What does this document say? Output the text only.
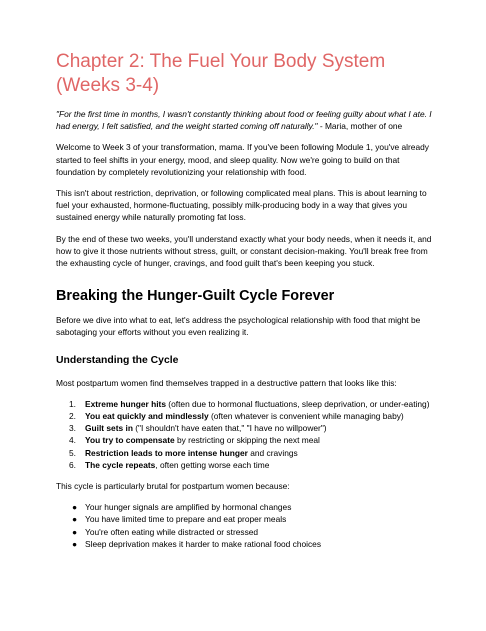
Chapter 2: The Fuel Your Body System (Weeks 3-4)

"For the first time in months, I wasn't constantly thinking about food or feeling guilty about what I ate. I had energy, I felt satisfied, and the weight started coming off naturally." - Maria, mother of one

Welcome to Week 3 of your transformation, mama. If you've been following Module 1, you've already started to feel shifts in your energy, mood, and sleep quality. Now we're going to build on that foundation by completely revolutionizing your relationship with food.

This isn't about restriction, deprivation, or following complicated meal plans. This is about learning to fuel your exhausted, hormone-fluctuating, possibly milk-producing body in a way that gives you sustained energy while naturally promoting fat loss.

By the end of these two weeks, you'll understand exactly what your body needs, when it needs it, and how to give it those nutrients without stress, guilt, or constant decision-making. You'll break free from the exhausting cycle of hunger, cravings, and food guilt that's been keeping you stuck.

Breaking the Hunger-Guilt Cycle Forever

Before we dive into what to eat, let's address the psychological relationship with food that might be sabotaging your efforts without you even realizing it.

Understanding the Cycle

Most postpartum women find themselves trapped in a destructive pattern that looks like this:

1. Extreme hunger hits (often due to hormonal fluctuations, sleep deprivation, or under-eating)
2. You eat quickly and mindlessly (often whatever is convenient while managing baby)
3. Guilt sets in ("I shouldn't have eaten that," "I have no willpower")
4. You try to compensate by restricting or skipping the next meal
5. Restriction leads to more intense hunger and cravings
6. The cycle repeats, often getting worse each time

This cycle is particularly brutal for postpartum women because:

● Your hunger signals are amplified by hormonal changes
● You have limited time to prepare and eat proper meals
● You're often eating while distracted or stressed
● Sleep deprivation makes it harder to make rational food choices
